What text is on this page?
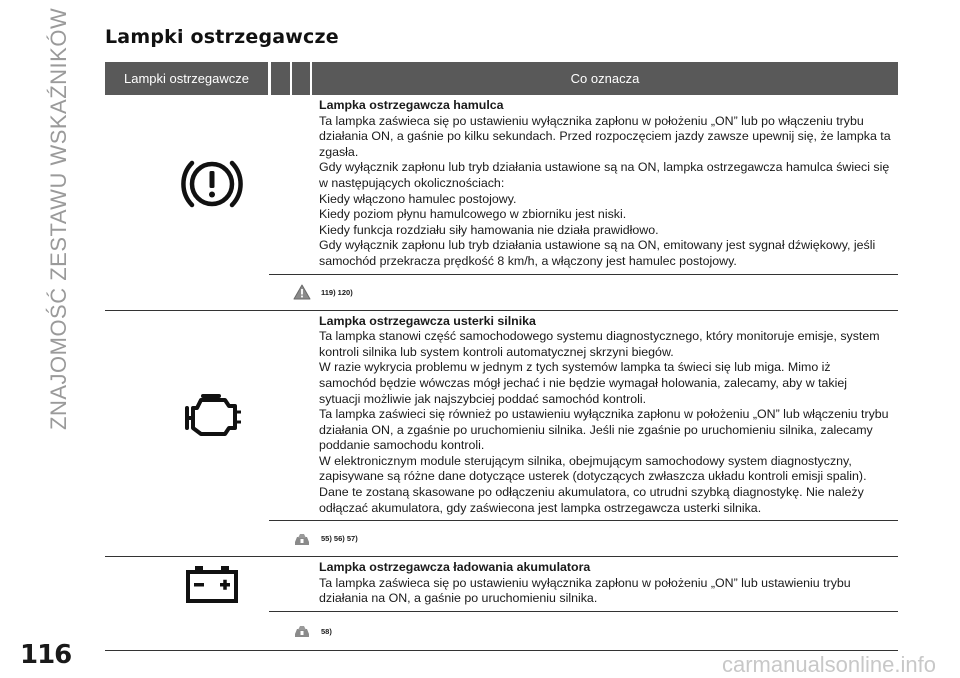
ZNAJOMOŚĆ ZESTAWU WSKAŹNIKÓW Lampki ostrzegawcze
Lampki ostrzegawcze	Co oznacza
Lampka ostrzegawcza hamulca
Ta lampka zaświeca się po ustawieniu wyłącznika zapłonu w położeniu „ON” lub po włączeniu trybu
działania ON, a gaśnie po kilku sekundach. Przed rozpoczęciem jazdy zawsze upewnij się, że lampka ta
zgasła.
Gdy wyłącznik zapłonu lub tryb działania ustawione są na ON, lampka ostrzegawcza hamulca świeci się
w następujących okolicznościach:
Kiedy włączono hamulec postojowy.
Kiedy poziom płynu hamulcowego w zbiorniku jest niski.
Kiedy funkcja rozdziału siły hamowania nie działa prawidłowo.
Gdy wyłącznik zapłonu lub tryb działania ustawione są na ON, emitowany jest sygnał dźwiękowy, jeśli
samochód przekracza prędkość 8 km/h, a włączony jest hamulec postojowy.
119) 120)
Lampka ostrzegawcza usterki silnika
Ta lampka stanowi część samochodowego systemu diagnostycznego, który monitoruje emisje, system
kontroli silnika lub system kontroli automatycznej skrzyni biegów.
W razie wykrycia problemu w jednym z tych systemów lampka ta świeci się lub miga. Mimo iż
samochód będzie wówczas mógł jechać i nie będzie wymagał holowania, zalecamy, aby w takiej
sytuacji możliwie jak najszybciej poddać samochód kontroli.
Ta lampka zaświeci się również po ustawieniu wyłącznika zapłonu w położeniu „ON” lub włączeniu trybu
działania ON, a zgaśnie po uruchomieniu silnika. Jeśli nie zgaśnie po uruchomieniu silnika, zalecamy
poddanie samochodu kontroli.
W elektronicznym module sterującym silnika, obejmującym samochodowy system diagnostyczny,
zapisywane są różne dane dotyczące usterek (dotyczących zwłaszcza układu kontroli emisji spalin).
Dane te zostaną skasowane po odłączeniu akumulatora, co utrudni szybką diagnostykę. Nie należy
odłączać akumulatora, gdy zaświecona jest lampka ostrzegawcza usterki silnika.
55) 56) 57)
Lampka ostrzegawcza ładowania akumulatora
Ta lampka zaświeca się po ustawieniu wyłącznika zapłonu w położeniu „ON” lub ustawieniu trybu
działania na ON, a gaśnie po uruchomieniu silnika.
58)
116	carmanualsonline.info
